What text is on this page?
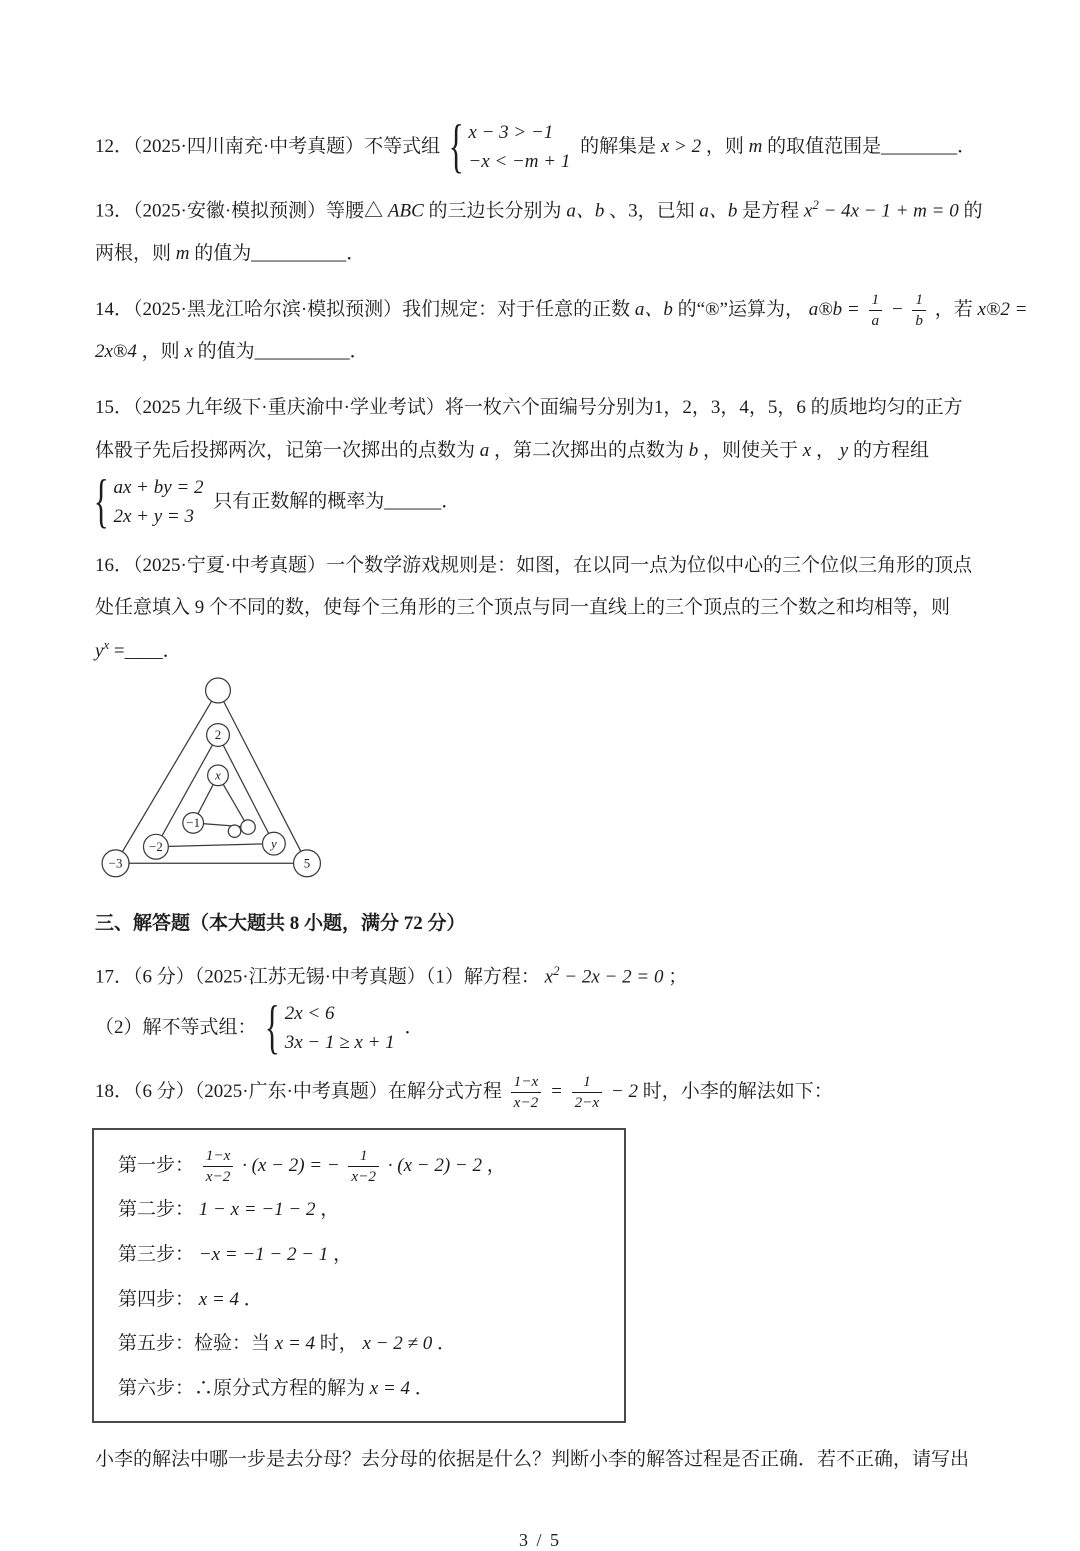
12．（2025·四川南充·中考真题）不等式组 { x − 3 > −1
−x < −m + 1
的解集是 x > 2 ，则 m 的取值范围是________．
13．（2025·安徽·模拟预测）等腰△ ABC 的三边长分别为 a、b 、3，已知 a、b 是方程 $x^2 - 4x - 1 + m = 0$ 的
两根，则 m 的值为__________．
14．（2025·黑龙江哈尔滨·模拟预测）我们规定：对于任意的正数 a、b 的“®”运算为， a®b = $\frac{1}{a} - \frac{1}{b}$ ，若 x®2 =
2x®4 ，则 x 的值为__________．
15．（2025 九年级下·重庆渝中·学业考试）将一枚六个面编号分别为1，2，3，4，5，6 的质地均匀的正方
体骰子先后投掷两次，记第一次掷出的点数为 a ，第二次掷出的点数为 b ，则使关于 x ， y 的方程组
{ ax + by = 2
2x + y = 3
只有正数解的概率为______．
16．（2025·宁夏·中考真题）一个数学游戏规则是：如图，在以同一点为位似中心的三个位似三角形的顶点
处任意填入 9 个不同的数，使每个三角形的三个顶点与同一直线上的三个顶点的三个数之和均相等，则
$y^x$ =____．
2
x
−1
−2
−3
y
5
三、解答题（本大题共 8 小题，满分 72 分）
17．（6 分）（2025·江苏无锡·中考真题）（1）解方程： $x^2 - 2x - 2 = 0$ ；
（2）解不等式组： { 2x < 6
3x − 1 ≥ x + 1
．
18．（6 分）（2025·广东·中考真题）在解分式方程 $\frac{1-x}{x-2} = \frac{1}{2-x} - 2$ 时，小李的解法如下：
第一步： $\frac{1-x}{x-2} \cdot (x - 2)$ = − $\frac{1}{x-2} \cdot (x - 2) - 2$ ，
第二步： 1 − x = −1 − 2 ，
第三步： −x = −1 − 2 − 1 ，
第四步： x = 4 ．
第五步：检验：当 x = 4 时， x − 2 ≠ 0 ．
第六步：∴原分式方程的解为 x = 4 ．
小李的解法中哪一步是去分母？去分母的依据是什么？判断小李的解答过程是否正确．若不正确，请写出
3 / 5
